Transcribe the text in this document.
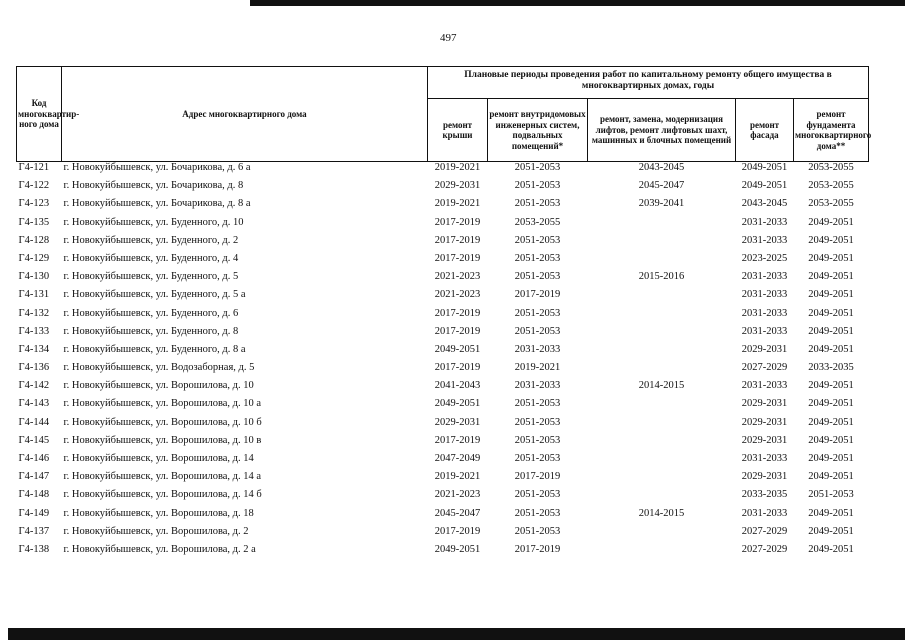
497
Код многоквартир-ного дома	Адрес многоквартирного дома	Плановые периоды проведения работ по капитальному ремонту общего имущества в многоквартирных домах, годы				
		ремонт крыши	ремонт внутридомовых инженерных систем, подвальных помещений*	ремонт, замена, модернизация лифтов, ремонт лифтовых шахт, машинных и блочных помещений	ремонт фасада	ремонт фундамента многоквартирного дома**
Г4-121	г. Новокуйбышевск, ул. Бочарикова, д. 6 а	2019-2021	2051-2053	2043-2045	2049-2051	2053-2055
Г4-122	г. Новокуйбышевск, ул. Бочарикова, д. 8	2029-2031	2051-2053	2045-2047	2049-2051	2053-2055
Г4-123	г. Новокуйбышевск, ул. Бочарикова, д. 8 а	2019-2021	2051-2053	2039-2041	2043-2045	2053-2055
Г4-135	г. Новокуйбышевск, ул. Буденного, д. 10	2017-2019	2053-2055		2031-2033	2049-2051
Г4-128	г. Новокуйбышевск, ул. Буденного, д. 2	2017-2019	2051-2053		2031-2033	2049-2051
Г4-129	г. Новокуйбышевск, ул. Буденного, д. 4	2017-2019	2051-2053		2023-2025	2049-2051
Г4-130	г. Новокуйбышевск, ул. Буденного, д. 5	2021-2023	2051-2053	2015-2016	2031-2033	2049-2051
Г4-131	г. Новокуйбышевск, ул. Буденного, д. 5 а	2021-2023	2017-2019		2031-2033	2049-2051
Г4-132	г. Новокуйбышевск, ул. Буденного, д. 6	2017-2019	2051-2053		2031-2033	2049-2051
Г4-133	г. Новокуйбышевск, ул. Буденного, д. 8	2017-2019	2051-2053		2031-2033	2049-2051
Г4-134	г. Новокуйбышевск, ул. Буденного, д. 8 а	2049-2051	2031-2033		2029-2031	2049-2051
Г4-136	г. Новокуйбышевск, ул. Водозаборная, д. 5	2017-2019	2019-2021		2027-2029	2033-2035
Г4-142	г. Новокуйбышевск, ул. Ворошилова, д. 10	2041-2043	2031-2033	2014-2015	2031-2033	2049-2051
Г4-143	г. Новокуйбышевск, ул. Ворошилова, д. 10 а	2049-2051	2051-2053		2029-2031	2049-2051
Г4-144	г. Новокуйбышевск, ул. Ворошилова, д. 10 б	2029-2031	2051-2053		2029-2031	2049-2051
Г4-145	г. Новокуйбышевск, ул. Ворошилова, д. 10 в	2017-2019	2051-2053		2029-2031	2049-2051
Г4-146	г. Новокуйбышевск, ул. Ворошилова, д. 14	2047-2049	2051-2053		2031-2033	2049-2051
Г4-147	г. Новокуйбышевск, ул. Ворошилова, д. 14 а	2019-2021	2017-2019		2029-2031	2049-2051
Г4-148	г. Новокуйбышевск, ул. Ворошилова, д. 14 б	2021-2023	2051-2053		2033-2035	2051-2053
Г4-149	г. Новокуйбышевск, ул. Ворошилова, д. 18	2045-2047	2051-2053	2014-2015	2031-2033	2049-2051
Г4-137	г. Новокуйбышевск, ул. Ворошилова, д. 2	2017-2019	2051-2053		2027-2029	2049-2051
Г4-138	г. Новокуйбышевск, ул. Ворошилова, д. 2 а	2049-2051	2017-2019		2027-2029	2049-2051
